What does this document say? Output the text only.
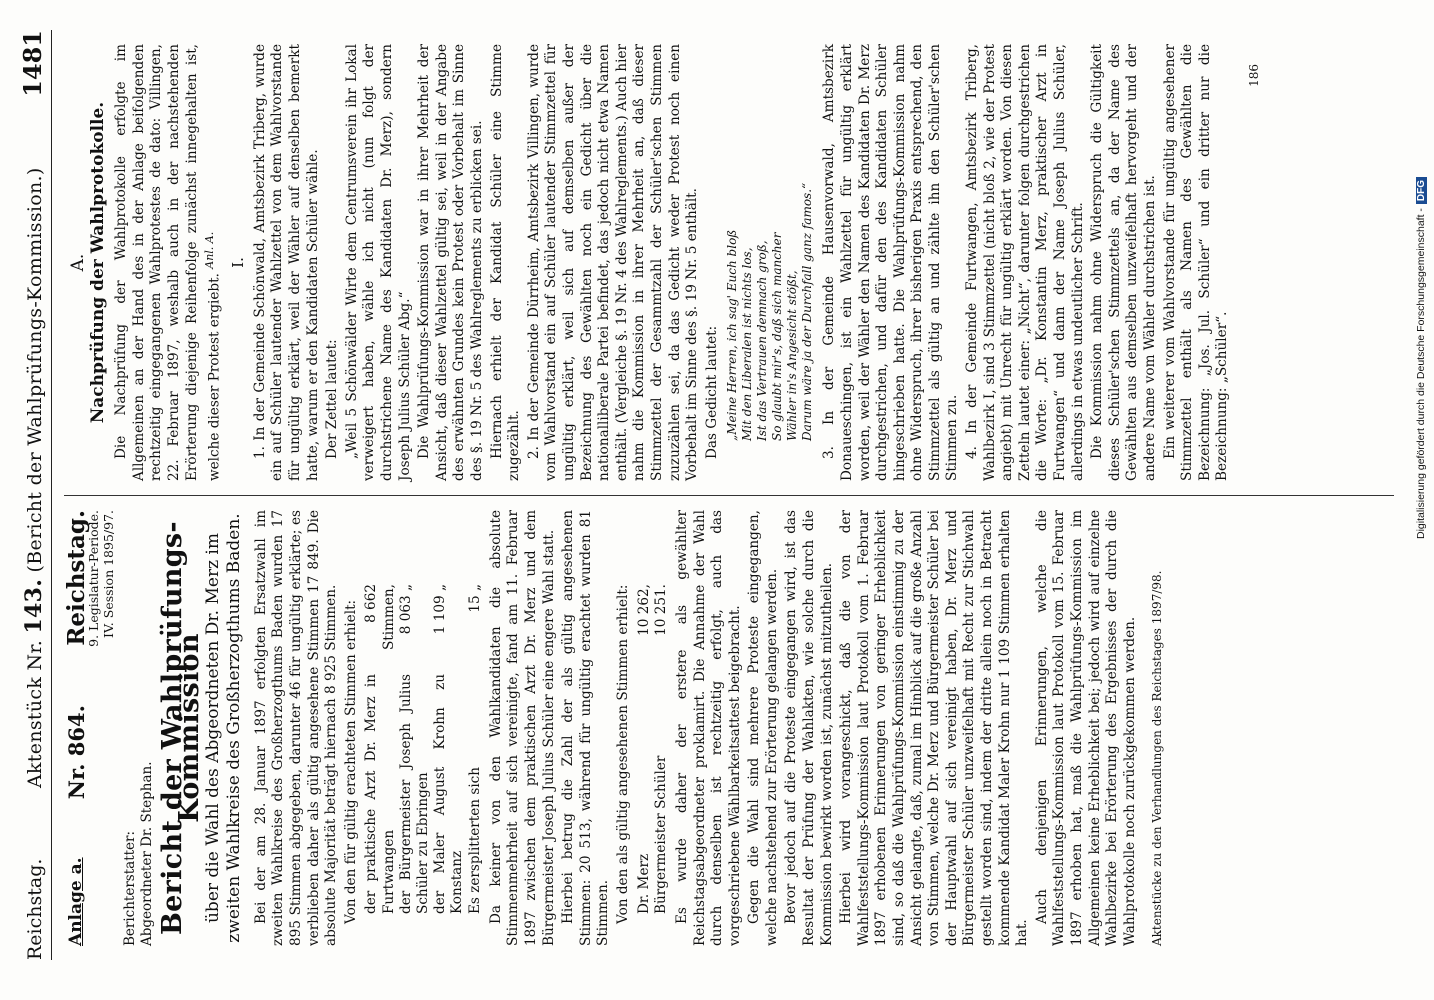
Reichstag.
Aktenstück Nr. 143. (Bericht der Wahlprüfungs-Kommission.)
1481
Anlage a.
Nr. 864.
Reichstag.
9. Legislatur-Periode. IV. Session 1895/97.
Berichterstatter: Abgeordneter Dr. Stephan. Bericht der Wahlprüfungs-Kommission
über die Wahl des Abgeordneten Dr. Merz im zweiten Wahlkreise des Großherzogthums Baden. Bei der am 28. Januar 1897 erfolgten Ersatzwahl im zweiten Wahlkreise des Großherzogthums Baden wurden 17 895 Stimmen abgegeben, darunter 46 für ungültig erklärte; es verblieben daher als gültig angesehene Stimmen 17 849. Die absolute Majorität beträgt hiernach 8 925 Stimmen. Von den für gültig erachteten Stimmen erhielt: der praktische Arzt Dr. Merz in Furtwangen
8 662 Stimmen,
der Bürgermeister Joseph Julius Schüler zu Ebringen
8 063 „
der Maler August Krohn zu Konstanz
1 109 „
Es zersplitterten sich
15 „ Da keiner von den Wahlkandidaten die absolute Stimmenmehrheit auf sich vereinigte, fand am 11. Februar 1897 zwischen dem praktischen Arzt Dr. Merz und dem Bürgermeister Joseph Julius Schüler eine engere Wahl statt. Hierbei betrug die Zahl der als gültig angesehenen Stimmen: 20 513, während für ungültig erachtet wurden 81 Stimmen. Von den als gültig angesehenen Stimmen erhielt: Dr. Merz
10 262,
Bürgermeister Schüler
10 251. Es wurde daher der erstere als gewählter Reichstagsabgeordneter proklamirt. Die Annahme der Wahl durch denselben ist rechtzeitig erfolgt, auch das vorgeschriebene Wählbarkeitsattest beigebracht. Gegen die Wahl sind mehrere Proteste eingegangen, welche nachstehend zur Erörterung gelangen werden. Bevor jedoch auf die Proteste eingegangen wird, ist das Resultat der Prüfung der Wahlakten, wie solche durch die Kommission bewirkt worden ist, zunächst mitzutheilen. Hierbei wird vorangeschickt, daß die von der Wahlfeststellungs-Kommission laut Protokoll vom 1. Februar 1897 erhobenen Erinnerungen von geringer Erheblichkeit sind, so daß die Wahlprüfungs-Kommission einstimmig zu der Ansicht gelangte, daß, zumal im Hinblick auf die große Anzahl von Stimmen, welche Dr. Merz und Bürgermeister Schüler bei der Hauptwahl auf sich vereinigt haben, Dr. Merz und Bürgermeister Schüler unzweifelhaft mit Recht zur Stichwahl gestellt worden sind, indem der dritte allein noch in Betracht kommende Kandidat Maler Krohn nur 1 109 Stimmen erhalten hat.

Auch denjenigen Erinnerungen, welche die Wahlfeststellungs-Kommission laut Protokoll vom 15. Februar 1897 erhoben hat, maß die Wahlprüfungs-Kommission im Allgemeinen keine Erheblichkeit bei; jedoch wird auf einzelne Wahlbezirke bei Erörterung des Ergebnisses der durch die Wahlprotokolle noch zurückgekommen werden. Aktenstücke zu den Verhandlungen des Reichstages 1897/98.
A. Nachprüfung der Wahlprotokolle. Die Nachprüfung der Wahlprotokolle erfolgte im Allgemeinen an der Hand des in der Anlage beifolgenden rechtzeitig eingegangenen Wahlprotestes de dato: Villingen, 22. Februar 1897, weshalb auch in der nachstehenden Erörterung diejenige Reihenfolge zunächst innegehalten ist, welche dieser Protest ergiebt. $^{Anl. A.}$ I. 1. In der Gemeinde Schönwald, Amtsbezirk Triberg, wurde ein auf Schüler lautender Wahlzettel von dem Wahlvorstande für ungültig erklärt, weil der Wähler auf denselben bemerkt hatte, warum er den Kandidaten Schüler wähle. Der Zettel lautet: „Weil 5 Schönwälder Wirte dem Centrumsverein ihr Lokal verweigert haben, wähle ich nicht (nun folgt der durchstrichene Name des Kandidaten Dr. Merz), sondern Joseph Julius Schüler Abg.“ Die Wahlprüfungs-Kommission war in ihrer Mehrheit der Ansicht, daß dieser Wahlzettel gültig sei, weil in der Angabe des erwähnten Grundes kein Protest oder Vorbehalt im Sinne des §. 19 Nr. 5 des Wahlreglements zu erblicken sei. Hiernach erhielt der Kandidat Schüler eine Stimme zugezählt. 2. In der Gemeinde Dürrheim, Amtsbezirk Villingen, wurde vom Wahlvorstand ein auf Schüler lautender Stimmzettel für ungültig erklärt, weil sich auf demselben außer der Bezeichnung des Gewählten noch ein Gedicht über die nationalliberale Partei befindet, das jedoch nicht etwa Namen enthält. (Vergleiche §. 19 Nr. 4 des Wahlreglements.) Auch hier nahm die Kommission in ihrer Mehrheit an, daß dieser Stimmzettel der Gesammtzahl der Schüler'schen Stimmen zuzuzählen sei, da das Gedicht weder Protest noch einen Vorbehalt im Sinne des §. 19 Nr. 5 enthält. Das Gedicht lautet: „Meine Herren, ich sag' Euch bloß Mit den Liberalen ist nichts los, Ist das Vertrauen demnach groß, So glaubt mir's, daß sich mancher Wähler in's Angesicht stößt, Darum wäre ja der Durchfall ganz famos.“ 3. In der Gemeinde Hausenvorwald, Amtsbezirk Donaueschingen, ist ein Wahlzettel für ungültig erklärt worden, weil der Wähler den Namen des Kandidaten Dr. Merz durchgestrichen, und dafür den des Kandidaten Schüler hingeschrieben hatte. Die Wahlprüfungs-Kommission nahm ohne Widerspruch, ihrer bisherigen Praxis entsprechend, den Stimmzettel als gültig an und zählte ihn den Schüler'schen Stimmen zu. 4. In der Gemeinde Furtwangen, Amtsbezirk Triberg, Wahlbezirk I, sind 3 Stimmzettel (nicht bloß 2, wie der Protest angiebt) mit Unrecht für ungültig erklärt worden. Von diesen Zetteln lautet einer: „Nicht“, darunter folgen durchgestrichen die Worte: „Dr. Konstantin Merz, praktischer Arzt in Furtwangen“ und dann der Name Joseph Julius Schüler, allerdings in etwas undeutlicher Schrift. Die Kommission nahm ohne Widerspruch die Gültigkeit dieses Schüler'schen Stimmzettels an, da der Name des Gewählten aus demselben unzweifelhaft hervorgeht und der andere Name vom Wähler durchstrichen ist. Ein weiterer vom Wahlvorstande für ungültig angesehener Stimmzettel enthält als Namen des Gewählten die Bezeichnung: „Jos. Jul. Schüler“ und ein dritter nur die Bezeichnung: „Schüler“.

186
Digitalisierung gefördert durch die Deutsche Forschungsgemeinschaft -DFG
